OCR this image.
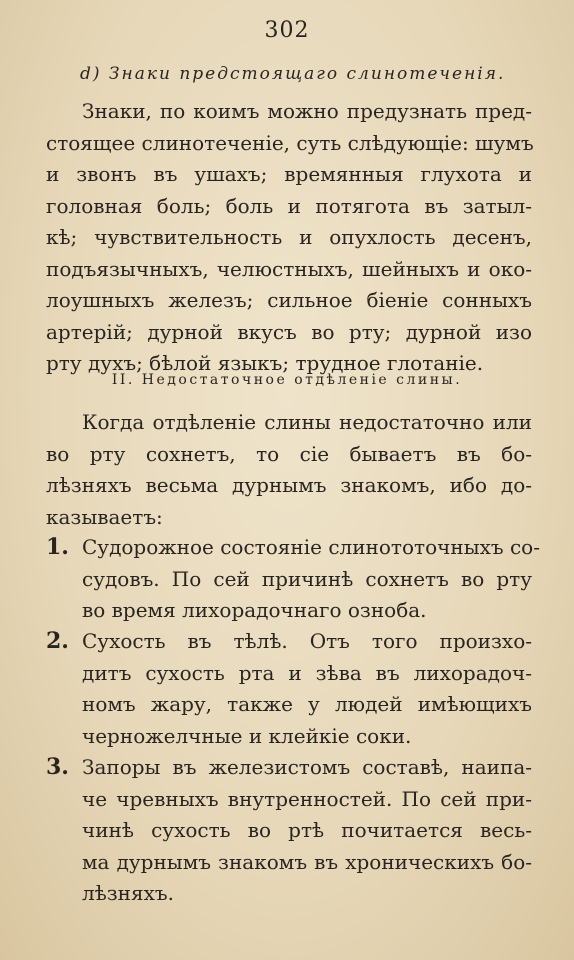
302
d) Знаки предстоящаго слинотеченія.
Знаки, по коимъ можно предузнать пред-
стоящее слинотеченіе, суть слѣдующіе: шумъ
и звонъ въ ушахъ; времянныя глухота и
головная боль; боль и потягота въ затыл-
кѣ; чувствительность и опухлость десенъ,
подъязычныхъ, челюстныхъ, шейныхъ и око-
лоушныхъ железъ; сильное біеніе сонныхъ
артерій; дурной вкусъ во рту; дурной изо
рту духъ; бѣлой языкъ; трудное глотаніе.
II. Недостаточное отдѣленіе слины.
Когда отдѣленіе слины недостаточно или
во рту сохнетъ, то сіе бываетъ въ бо-
лѣзняхъ весьма дурнымъ знакомъ, ибо до-
казываетъ:
1. Судорожное состояніе слинототочныхъ со-
судовъ. По сей причинѣ сохнетъ во рту
во время лихорадочнаго озноба.
2. Сухость въ тѣлѣ. Отъ того произхо-
дитъ сухость рта и зѣва въ лихорадоч-
номъ жару, также у людей имѣющихъ
черножелчные и клейкіе соки.
3. Запоры въ железистомъ составѣ, наипа-
че чревныхъ внутренностей. По сей при-
чинѣ сухость во ртѣ почитается весь-
ма дурнымъ знакомъ въ хроническихъ бо-
лѣзняхъ.
